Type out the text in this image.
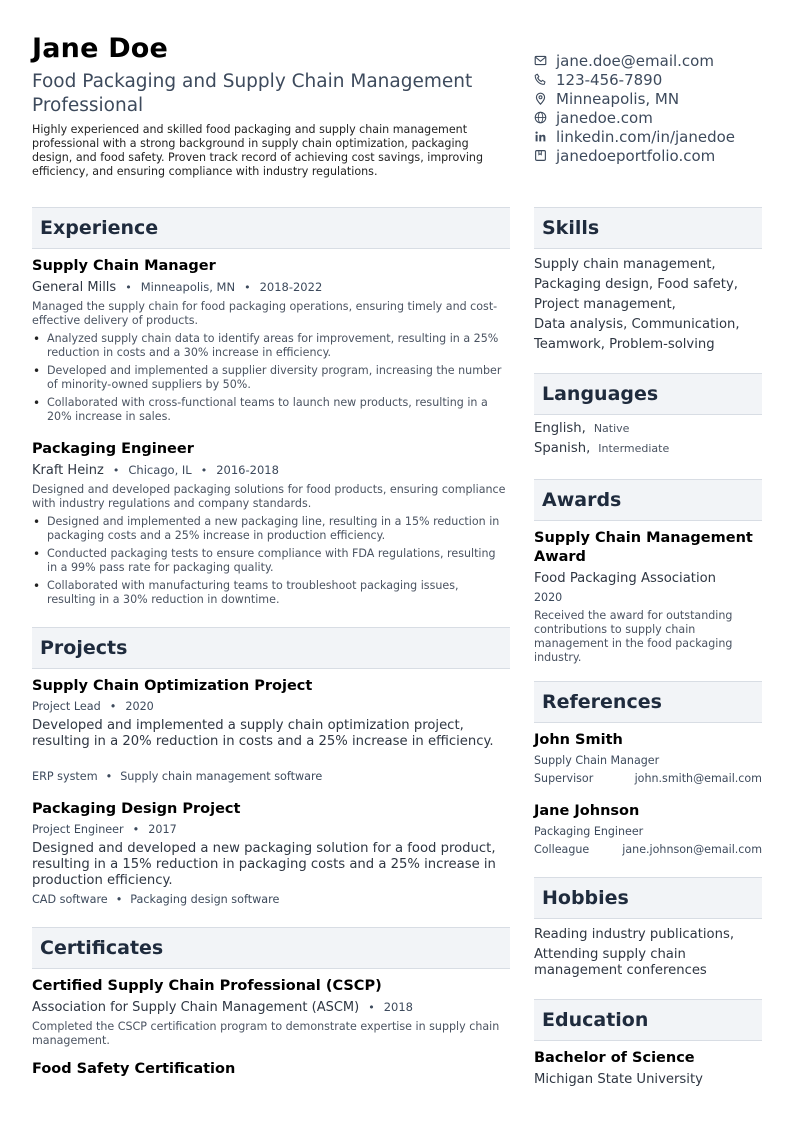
Jane Doe

Food Packaging and Supply Chain Management Professional

Highly experienced and skilled food packaging and supply chain management professional with a strong background in supply chain optimization, packaging design, and food safety. Proven track record of achieving cost savings, improving efficiency, and ensuring compliance with industry regulations.

Experience

Supply Chain Manager

General Mills • Minneapolis, MN • 2018-2022

Managed the supply chain for food packaging operations, ensuring timely and cost-effective delivery of products.

• Analyzed supply chain data to identify areas for improvement, resulting in a 25% reduction in costs and a 30% increase in efficiency.
• Developed and implemented a supplier diversity program, increasing the number of minority-owned suppliers by 50%.
• Collaborated with cross-functional teams to launch new products, resulting in a 20% increase in sales.

Packaging Engineer

Kraft Heinz • Chicago, IL • 2016-2018

Designed and developed packaging solutions for food products, ensuring compliance with industry regulations and company standards.

• Designed and implemented a new packaging line, resulting in a 15% reduction in packaging costs and a 25% increase in production efficiency.
• Conducted packaging tests to ensure compliance with FDA regulations, resulting in a 99% pass rate for packaging quality.
• Collaborated with manufacturing teams to troubleshoot packaging issues, resulting in a 30% reduction in downtime.
Projects

Supply Chain Optimization Project

Project Lead • 2020

Developed and implemented a supply chain optimization project, resulting in a 20% reduction in costs and a 25% increase in efficiency.

ERP system • Supply chain management software

Packaging Design Project

Project Engineer • 2017

Designed and developed a new packaging solution for a food product, resulting in a 15% reduction in packaging costs and a 25% increase in production efficiency.

CAD software • Packaging design software
Certificates

Certified Supply Chain Professional (CSCP)

Association for Supply Chain Management (ASCM) • 2018

Completed the CSCP certification program to demonstrate expertise in supply chain management.

Food Safety Certification

jane.doe@email.com
123-456-7890
Minneapolis, MN
janedoe.com
linkedin.com/in/janedoe
janedoeportfolio.com
Skills
Supply chain management,
Packaging design, Food safety,
Project management,
Data analysis, Communication,
Teamwork, Problem-solving
Languages
English, Native
Spanish, Intermediate
Awards

Supply Chain Management Award

Food Packaging Association
2020

Received the award for outstanding contributions to supply chain management in the food packaging industry.

References

John Smith

Supply Chain Manager
Supervisor	john.smith@email.com

Jane Johnson

Packaging Engineer
Colleague	jane.johnson@email.com
Hobbies

Reading industry publications,

Attending supply chain management conferences

Education

Bachelor of Science

Michigan State University
